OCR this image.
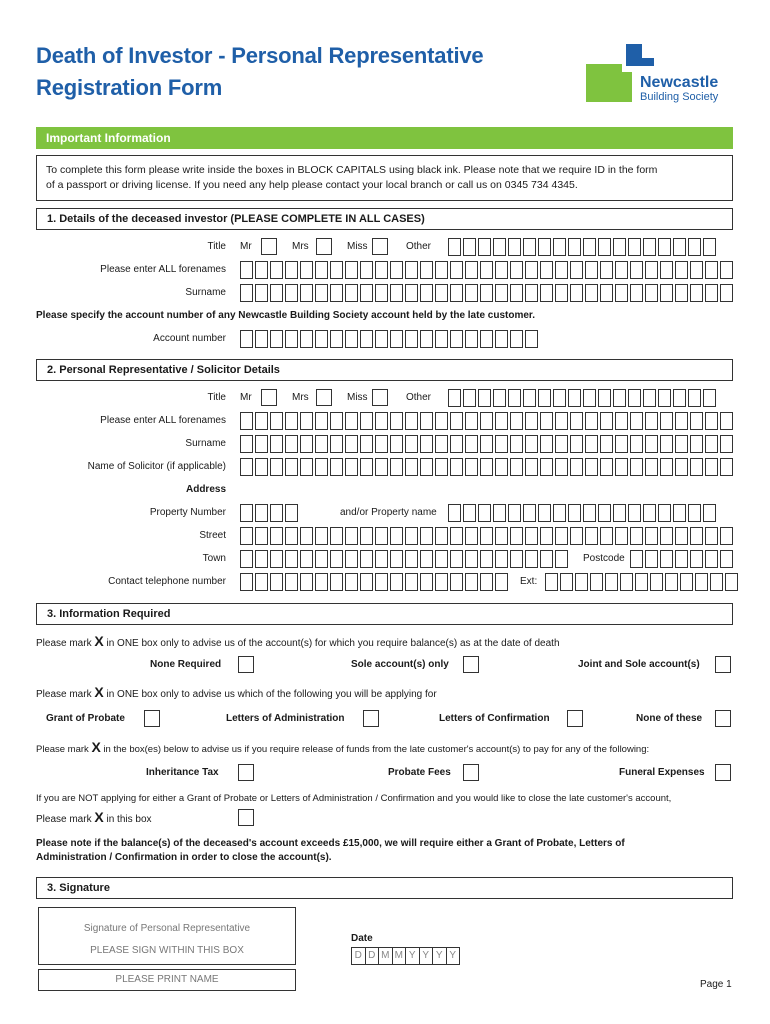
Death of Investor - Personal Representative
Registration Form	Newcastle
Building Society
Important Information
To complete this form please write inside the boxes in BLOCK CAPITALS using black ink. Please note that we require ID in the form
of a passport or driving license. If you need any help please contact your local branch or call us on 0345 734 4345.
1. Details of the deceased investor (PLEASE COMPLETE IN ALL CASES)
Title Mr	Mrs	Miss	Other
Please enter ALL forenames
Surname
Please specify the account number of any Newcastle Building Society account held by the late customer.
Account number
2. Personal Representative / Solicitor Details
Title Mr	Mrs	Miss	Other
Please enter ALL forenames
Surname
Name of Solicitor (if applicable)
Address
Property Number	and/or Property name
Street
Town	Postcode
Contact telephone number	Ext:
3. Information Required
Please mark X in ONE box only to advise us of the account(s) for which you require balance(s) as at the date of death
None Required	Sole account(s) only	Joint and Sole account(s)
Please mark X in ONE box only to advise us which of the following you will be applying for
Grant of Probate	Letters of Administration	Letters of Confirmation	None of these
Please mark X in the box(es) below to advise us if you require release of funds from the late customer's account(s) to pay for any of the following:
Inheritance Tax	Probate Fees	Funeral Expenses
If you are NOT applying for either a Grant of Probate or Letters of Administration / Confirmation and you would like to close the late customer's account,
Please mark X in this box
Please note if the balance(s) of the deceased's account exceeds £15,000, we will require either a Grant of Probate, Letters of
Administration / Confirmation in order to close the account(s).
3. Signature
Signature of Personal Representative
PLEASE SIGN WITHIN THIS BOX
PLEASE PRINT NAME
Date
D D M M Y Y Y Y
Page 1
